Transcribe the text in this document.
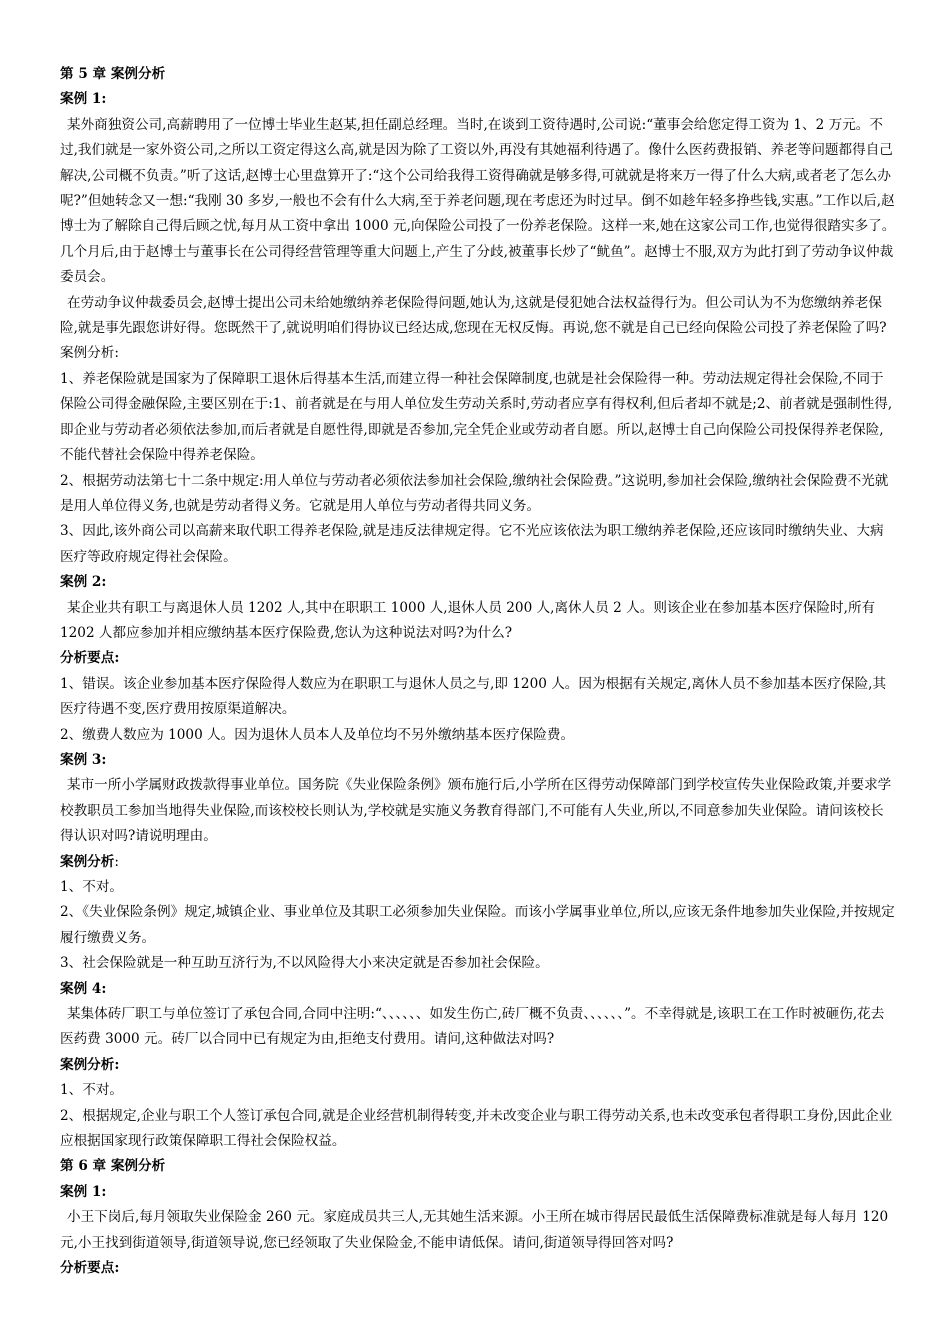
第 5 章 案例分析

案例 1:

某外商独资公司,高薪聘用了一位博士毕业生赵某,担任副总经理。当时,在谈到工资待遇时,公司说:“董事会给您定得工资为 1、2 万元。不过,我们就是一家外资公司,之所以工资定得这么高,就是因为除了工资以外,再没有其她福利待遇了。像什么医药费报销、养老等问题都得自己解决,公司概不负责。”听了这话,赵博士心里盘算开了:“这个公司给我得工资得确就是够多得,可就就是将来万一得了什么大病,或者老了怎么办呢?”但她转念又一想:“我刚 30 多岁,一般也不会有什么大病,至于养老问题,现在考虑还为时过早。倒不如趁年轻多挣些钱,实惠。”工作以后,赵博士为了解除自己得后顾之忧,每月从工资中拿出 1000 元,向保险公司投了一份养老保险。这样一来,她在这家公司工作,也觉得很踏实多了。几个月后,由于赵博士与董事长在公司得经营管理等重大问题上,产生了分歧,被董事长炒了“鱿鱼”。赵博士不服,双方为此打到了劳动争议仲裁委员会。

在劳动争议仲裁委员会,赵博士提出公司未给她缴纳养老保险得问题,她认为,这就是侵犯她合法权益得行为。但公司认为不为您缴纳养老保险,就是事先跟您讲好得。您既然干了,就说明咱们得协议已经达成,您现在无权反悔。再说,您不就是自己已经向保险公司投了养老保险了吗?

案例分析:

1、养老保险就是国家为了保障职工退休后得基本生活,而建立得一种社会保障制度,也就是社会保险得一种。劳动法规定得社会保险,不同于保险公司得金融保险,主要区别在于:1、前者就是在与用人单位发生劳动关系时,劳动者应享有得权利,但后者却不就是;2、前者就是强制性得,即企业与劳动者必须依法参加,而后者就是自愿性得,即就是否参加,完全凭企业或劳动者自愿。所以,赵博士自己向保险公司投保得养老保险,不能代替社会保险中得养老保险。

2、根据劳动法第七十二条中规定:用人单位与劳动者必须依法参加社会保险,缴纳社会保险费。”这说明,参加社会保险,缴纳社会保险费不光就是用人单位得义务,也就是劳动者得义务。它就是用人单位与劳动者得共同义务。

3、因此,该外商公司以高薪来取代职工得养老保险,就是违反法律规定得。它不光应该依法为职工缴纳养老保险,还应该同时缴纳失业、大病医疗等政府规定得社会保险。

案例 2:

某企业共有职工与离退休人员 1202 人,其中在职职工 1000 人,退休人员 200 人,离休人员 2 人。则该企业在参加基本医疗保险时,所有 1202 人都应参加并相应缴纳基本医疗保险费,您认为这种说法对吗?为什么?

分析要点:

1、错误。该企业参加基本医疗保险得人数应为在职职工与退休人员之与,即 1200 人。因为根据有关规定,离休人员不参加基本医疗保险,其医疗待遇不变,医疗费用按原渠道解决。

2、缴费人数应为 1000 人。因为退休人员本人及单位均不另外缴纳基本医疗保险费。

案例 3:

某市一所小学属财政拨款得事业单位。国务院《失业保险条例》颁布施行后,小学所在区得劳动保障部门到学校宣传失业保险政策,并要求学校教职员工参加当地得失业保险,而该校校长则认为,学校就是实施义务教育得部门,不可能有人失业,所以,不同意参加失业保险。请问该校长得认识对吗?请说明理由。

案例分析:

1、不对。

2、《失业保险条例》规定,城镇企业、事业单位及其职工必须参加失业保险。而该小学属事业单位,所以,应该无条件地参加失业保险,并按规定履行缴费义务。

3、社会保险就是一种互助互济行为,不以风险得大小来决定就是否参加社会保险。

案例 4:

某集体砖厂职工与单位签订了承包合同,合同中注明:“、、、、、、如发生伤亡,砖厂概不负责、、、、、、”。不幸得就是,该职工在工作时被砸伤,花去医药费 3000 元。砖厂以合同中已有规定为由,拒绝支付费用。请问,这种做法对吗?

案例分析:

1、不对。

2、根据规定,企业与职工个人签订承包合同,就是企业经营机制得转变,并未改变企业与职工得劳动关系,也未改变承包者得职工身份,因此企业应根据国家现行政策保障职工得社会保险权益。

第 6 章 案例分析

案例 1:

小王下岗后,每月领取失业保险金 260 元。家庭成员共三人,无其她生活来源。小王所在城市得居民最低生活保障费标准就是每人每月 120 元,小王找到街道领导,街道领导说,您已经领取了失业保险金,不能申请低保。请问,街道领导得回答对吗?

分析要点:
